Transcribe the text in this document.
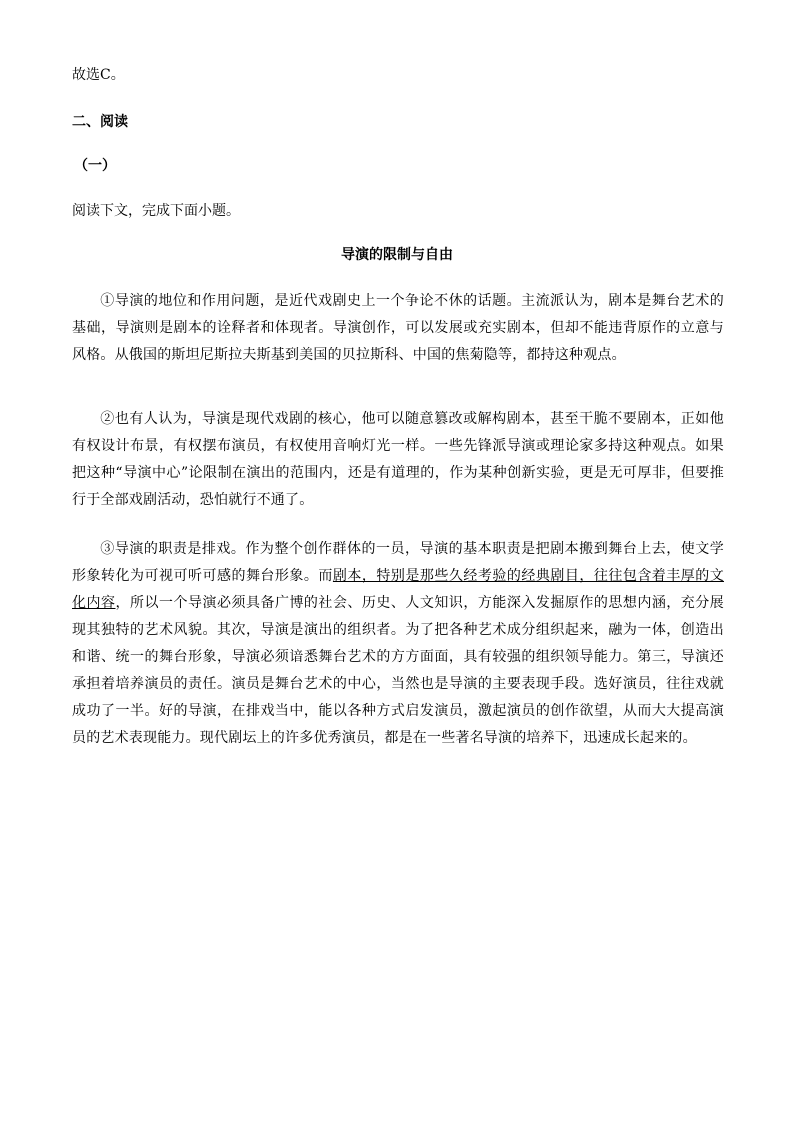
故选C。
二、阅读
（一）
阅读下文，完成下面小题。
导演的限制与自由
①导演的地位和作用问题，是近代戏剧史上一个争论不休的话题。主流派认为，剧本是舞台艺术的基础，导演则是剧本的诠释者和体现者。导演创作，可以发展或充实剧本，但却不能违背原作的立意与风格。从俄国的斯坦尼斯拉夫斯基到美国的贝拉斯科、中国的焦菊隐等，都持这种观点。
②也有人认为，导演是现代戏剧的核心，他可以随意篡改或解构剧本，甚至干脆不要剧本，正如他有权设计布景，有权摆布演员，有权使用音响灯光一样。一些先锋派导演或理论家多持这种观点。如果把这种“导演中心”论限制在演出的范围内，还是有道理的，作为某种创新实验，更是无可厚非，但要推行于全部戏剧活动，恐怕就行不通了。
③导演的职责是排戏。作为整个创作群体的一员，导演的基本职责是把剧本搬到舞台上去，使文学形象转化为可视可听可感的舞台形象。而剧本，特别是那些久经考验的经典剧目，往往包含着丰厚的文化内容，所以一个导演必须具备广博的社会、历史、人文知识，方能深入发掘原作的思想内涵，充分展现其独特的艺术风貌。其次，导演是演出的组织者。为了把各种艺术成分组织起来，融为一体，创造出和谐、统一的舞台形象，导演必须谙悉舞台艺术的方方面面，具有较强的组织领导能力。第三，导演还承担着培养演员的责任。演员是舞台艺术的中心，当然也是导演的主要表现手段。选好演员，往往戏就成功了一半。好的导演，在排戏当中，能以各种方式启发演员，激起演员的创作欲望，从而大大提高演员的艺术表现能力。现代剧坛上的许多优秀演员，都是在一些著名导演的培养下，迅速成长起来的。
